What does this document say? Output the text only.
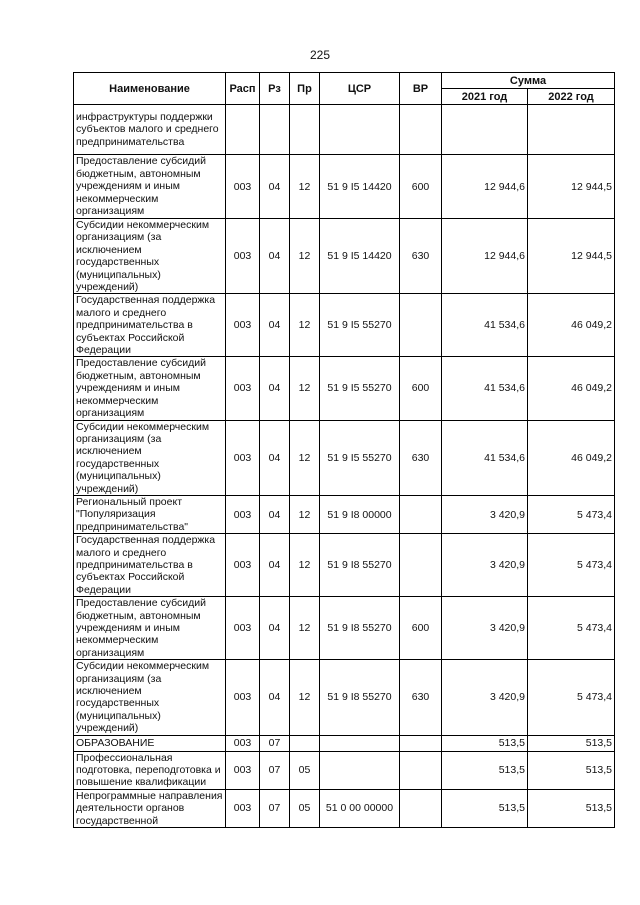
225
Наименование	Расп	Рз	Пр	ЦСР	ВР	Сумма	
						2021 год	2022 год
инфраструктуры поддержки субъектов малого и среднего предпринимательства							
Предоставление субсидий бюджетным, автономным учреждениям и иным некоммерческим организациям	003	04	12	51 9 I5 14420	600	12 944,6	12 944,5
Субсидии некоммерческим организациям (за исключением государственных (муниципальных) учреждений)	003	04	12	51 9 I5 14420	630	12 944,6	12 944,5
Государственная поддержка малого и среднего предпринимательства в субъектах Российской Федерации	003	04	12	51 9 I5 55270		41 534,6	46 049,2
Предоставление субсидий бюджетным, автономным учреждениям и иным некоммерческим организациям	003	04	12	51 9 I5 55270	600	41 534,6	46 049,2
Субсидии некоммерческим организациям (за исключением государственных (муниципальных) учреждений)	003	04	12	51 9 I5 55270	630	41 534,6	46 049,2
Региональный проект "Популяризация предпринимательства"	003	04	12	51 9 I8 00000		3 420,9	5 473,4
Государственная поддержка малого и среднего предпринимательства в субъектах Российской Федерации	003	04	12	51 9 I8 55270		3 420,9	5 473,4
Предоставление субсидий бюджетным, автономным учреждениям и иным некоммерческим организациям	003	04	12	51 9 I8 55270	600	3 420,9	5 473,4
Субсидии некоммерческим организациям (за исключением государственных (муниципальных) учреждений)	003	04	12	51 9 I8 55270	630	3 420,9	5 473,4
ОБРАЗОВАНИЕ	003	07				513,5	513,5
Профессиональная подготовка, переподготовка и повышение квалификации	003	07	05			513,5	513,5
Непрограммные направления деятельности органов государственной	003	07	05	51 0 00 00000		513,5	513,5
